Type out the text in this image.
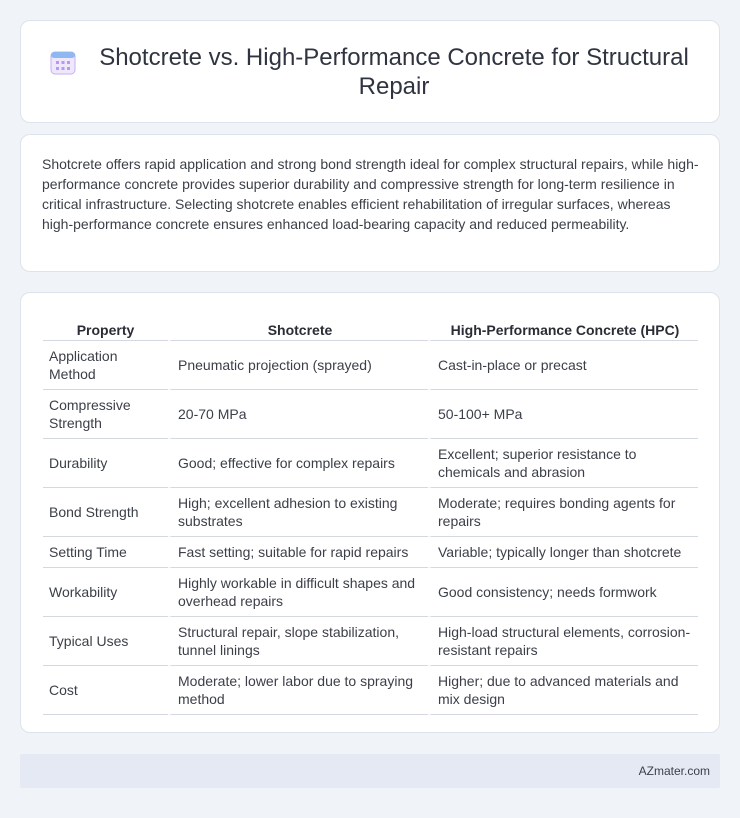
Shotcrete vs. High-Performance Concrete for Structural Repair

Shotcrete offers rapid application and strong bond strength ideal for complex structural repairs, while high-performance concrete provides superior durability and compressive strength for long-term resilience in critical infrastructure. Selecting shotcrete enables efficient rehabilitation of irregular surfaces, whereas high-performance concrete ensures enhanced load-bearing capacity and reduced permeability.

Property	Shotcrete	High-Performance Concrete (HPC)
Application Method	Pneumatic projection (sprayed)	Cast-in-place or precast
Compressive Strength	20-70 MPa	50-100+ MPa
Durability	Good; effective for complex repairs	Excellent; superior resistance to chemicals and abrasion
Bond Strength	High; excellent adhesion to existing substrates	Moderate; requires bonding agents for repairs
Setting Time	Fast setting; suitable for rapid repairs	Variable; typically longer than shotcrete
Workability	Highly workable in difficult shapes and overhead repairs	Good consistency; needs formwork
Typical Uses	Structural repair, slope stabilization, tunnel linings	High-load structural elements, corrosion-resistant repairs
Cost	Moderate; lower labor due to spraying method	Higher; due to advanced materials and mix design
AZmater.com
